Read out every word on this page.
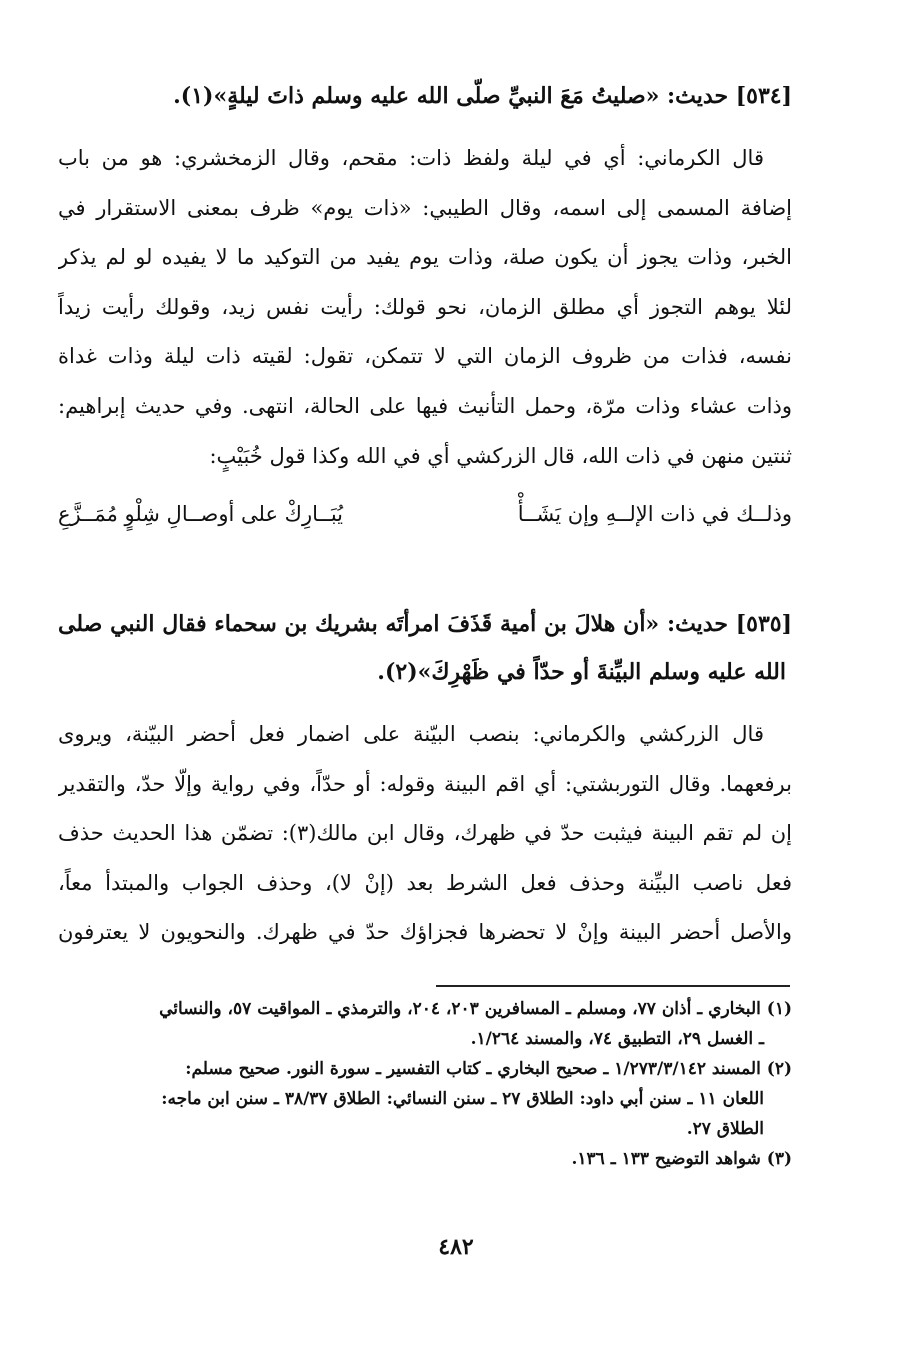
[٥٣٤] حديث: «صليتُ مَعَ النبيِّ صلّى الله عليه وسلم ذاتَ ليلةٍ»(١).
قال الكرماني: أي في ليلة ولفظ ذات: مقحم، وقال الزمخشري: هو من باب
إضافة المسمى إلى اسمه، وقال الطيبي: «ذات يوم» ظرف بمعنى الاستقرار في
الخبر، وذات يجوز أن يكون صلة، وذات يوم يفيد من التوكيد ما لا يفيده لو لم يذكر
لئلا يوهم التجوز أي مطلق الزمان، نحو قولك: رأيت نفس زيد، وقولك رأيت زيداً
نفسه، فذات من ظروف الزمان التي لا تتمكن، تقول: لقيته ذات ليلة وذات غداة
وذات عشاء وذات مرّة، وحمل التأنيث فيها على الحالة، انتهى. وفي حديث إبراهيم:
ثنتين منهن في ذات الله، قال الزركشي أي في الله وكذا قول خُبَيْبٍ:
وذلــك في ذات الإلــهِ وإن يَشَــأْ
يُبَــارِكْ على أوصــالِ شِلْوٍ مُمَــزَّعِ
[٥٣٥] حديث: «أن هلالَ بن أمية قَذَفَ امرأتَه بشريك بن سحماء فقال النبي صلى
الله عليه وسلم البيِّنةَ أو حدّاً في ظَهْرِكَ»(٢).
قال الزركشي والكرماني: بنصب البيّنة على اضمار فعل أحضر البيّنة، ويروى
برفعهما. وقال التوربشتي: أي اقم البينة وقوله: أو حدّاً، وفي رواية وإلّا حدّ، والتقدير
إن لم تقم البينة فيثبت حدّ في ظهرك، وقال ابن مالك(٣): تضمّن هذا الحديث حذف
فعل ناصب البيِّنة وحذف فعل الشرط بعد (إنْ لا)، وحذف الجواب والمبتدأ معاً،
والأصل أحضر البينة وإنْ لا تحضرها فجزاؤك حدّ في ظهرك. والنحويون لا يعترفون
(١) البخاري ـ أذان ٧٧، ومسلم ـ المسافرين ٢٠٣، ٢٠٤، والترمذي ـ المواقيت ٥٧، والنسائي
ـ الغسل ٢٩، التطبيق ٧٤، والمسند ١/٢٦٤.
(٢) المسند ١/٢٧٣/٣/١٤٢ ـ صحيح البخاري ـ كتاب التفسير ـ سورة النور. صحيح مسلم:
اللعان ١١ ـ سنن أبي داود: الطلاق ٢٧ ـ سنن النسائي: الطلاق ٣٨/٣٧ ـ سنن ابن ماجه:
الطلاق ٢٧.
(٣) شواهد التوضيح ١٣٣ ـ ١٣٦.
٤٨٢
